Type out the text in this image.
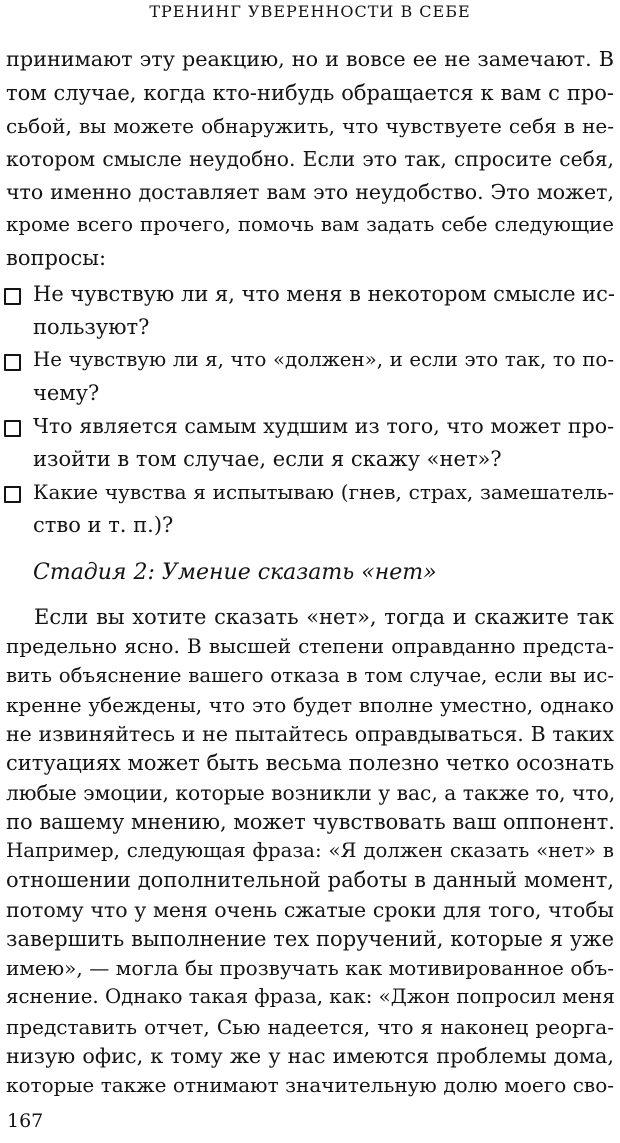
ТРЕНИНГ УВЕРЕННОСТИ В СЕБЕ
принимают эту реакцию, но и вовсе ее не замечают. В
том случае, когда кто-нибудь обращается к вам с про-
сьбой, вы можете обнаружить, что чувствуете себя в не-
котором смысле неудобно. Если это так, спросите себя,
что именно доставляет вам это неудобство. Это может,
кроме всего прочего, помочь вам задать себе следующие
вопросы:
Не чувствую ли я, что меня в некотором смысле ис-
пользуют?
Не чувствую ли я, что «должен», и если это так, то по-
чему?
Что является самым худшим из того, что может про-
изойти в том случае, если я скажу «нет»?
Какие чувства я испытываю (гнев, страх, замешатель-
ство и т. п.)?
Стадия 2: Умение сказать «нет»
Если вы хотите сказать «нет», тогда и скажите так
предельно ясно. В высшей степени оправданно предста-
вить объяснение вашего отказа в том случае, если вы ис-
кренне убеждены, что это будет вполне уместно, однако
не извиняйтесь и не пытайтесь оправдываться. В таких
ситуациях может быть весьма полезно четко осознать
любые эмоции, которые возникли у вас, а также то, что,
по вашему мнению, может чувствовать ваш оппонент.
Например, следующая фраза: «Я должен сказать «нет» в
отношении дополнительной работы в данный момент,
потому что у меня очень сжатые сроки для того, чтобы
завершить выполнение тех поручений, которые я уже
имею», — могла бы прозвучать как мотивированное объ-
яснение. Однако такая фраза, как: «Джон попросил меня
представить отчет, Сью надеется, что я наконец реорга-
низую офис, к тому же у нас имеются проблемы дома,
которые также отнимают значительную долю моего сво-
167
